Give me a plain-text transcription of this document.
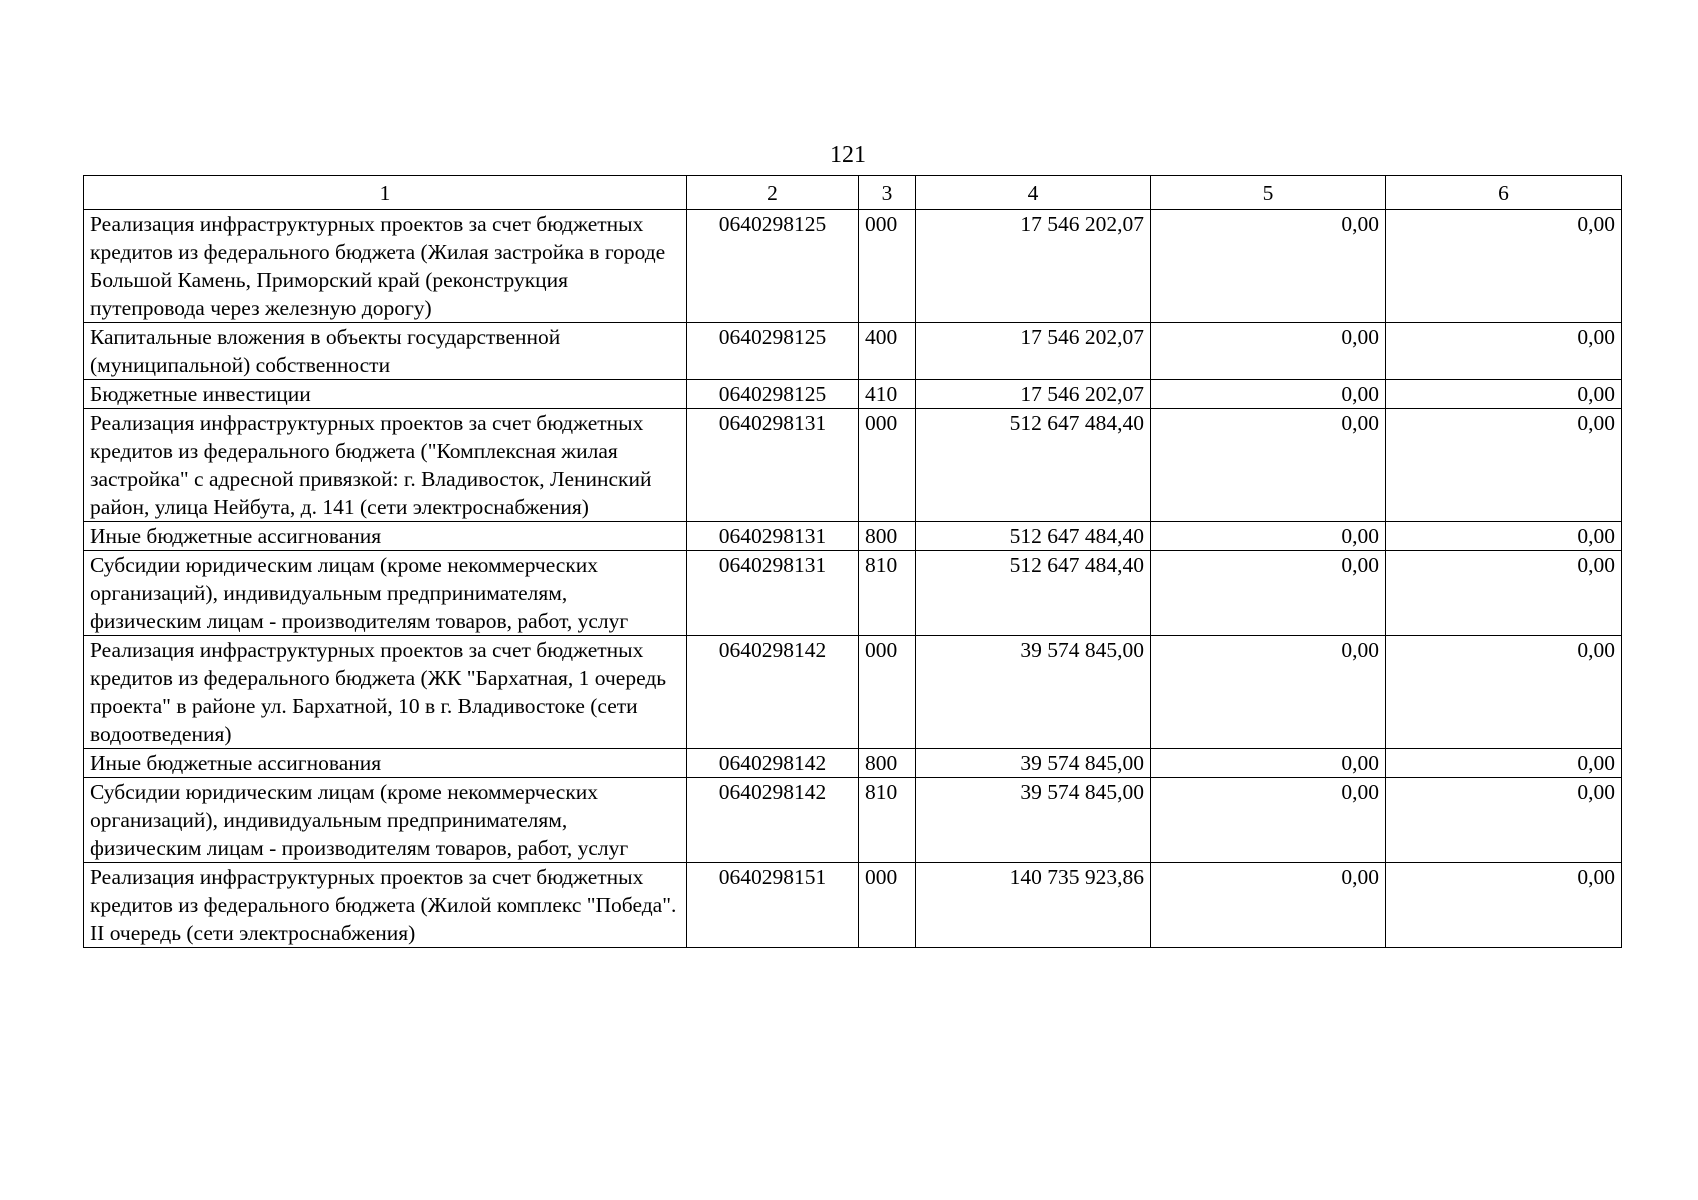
121
1	2	3	4	5	6
Реализация инфраструктурных проектов за счет бюджетных кредитов из федерального бюджета (Жилая застройка в городе Большой Камень, Приморский край (реконструкция путепровода через железную дорогу)	0640298125	000	17 546 202,07	0,00	0,00
Капитальные вложения в объекты государственной (муниципальной) собственности	0640298125	400	17 546 202,07	0,00	0,00
Бюджетные инвестиции	0640298125	410	17 546 202,07	0,00	0,00
Реализация инфраструктурных проектов за счет бюджетных кредитов из федерального бюджета ("Комплексная жилая застройка" с адресной привязкой: г. Владивосток, Ленинский район, улица Нейбута, д. 141 (сети электроснабжения)	0640298131	000	512 647 484,40	0,00	0,00
Иные бюджетные ассигнования	0640298131	800	512 647 484,40	0,00	0,00
Субсидии юридическим лицам (кроме некоммерческих организаций), индивидуальным предпринимателям, физическим лицам - производителям товаров, работ, услуг	0640298131	810	512 647 484,40	0,00	0,00
Реализация инфраструктурных проектов за счет бюджетных кредитов из федерального бюджета (ЖК "Бархатная, 1 очередь проекта" в районе ул. Бархатной, 10 в г. Владивостоке (сети водоотведения)	0640298142	000	39 574 845,00	0,00	0,00
Иные бюджетные ассигнования	0640298142	800	39 574 845,00	0,00	0,00
Субсидии юридическим лицам (кроме некоммерческих организаций), индивидуальным предпринимателям, физическим лицам - производителям товаров, работ, услуг	0640298142	810	39 574 845,00	0,00	0,00
Реализация инфраструктурных проектов за счет бюджетных кредитов из федерального бюджета (Жилой комплекс "Победа". II очередь (сети электроснабжения)	0640298151	000	140 735 923,86	0,00	0,00
